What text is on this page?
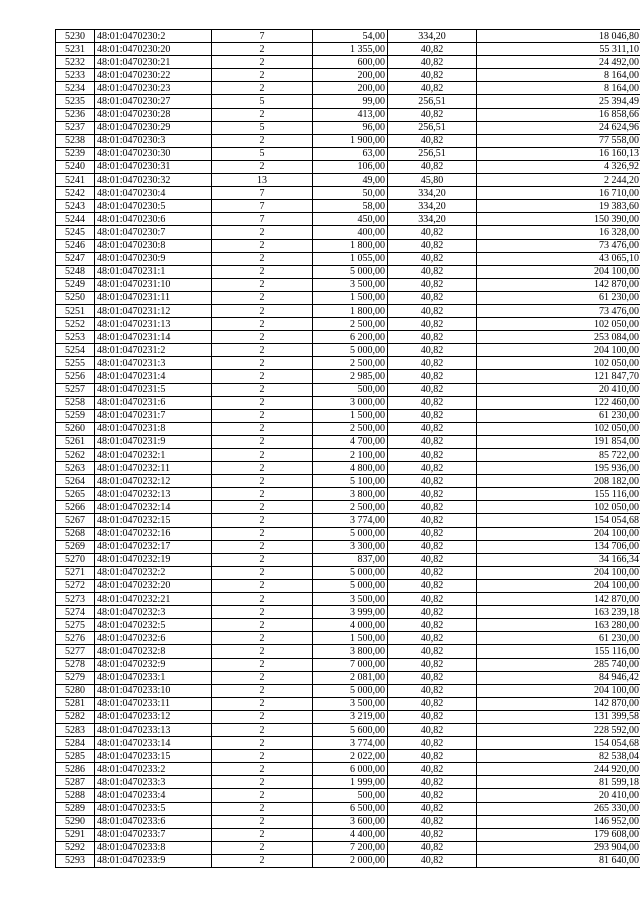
5230	48:01:0470230:2	7	54,00	334,20	18 046,80
5231	48:01:0470230:20	2	1 355,00	40,82	55 311,10
5232	48:01:0470230:21	2	600,00	40,82	24 492,00
5233	48:01:0470230:22	2	200,00	40,82	8 164,00
5234	48:01:0470230:23	2	200,00	40,82	8 164,00
5235	48:01:0470230:27	5	99,00	256,51	25 394,49
5236	48:01:0470230:28	2	413,00	40,82	16 858,66
5237	48:01:0470230:29	5	96,00	256,51	24 624,96
5238	48:01:0470230:3	2	1 900,00	40,82	77 558,00
5239	48:01:0470230:30	5	63,00	256,51	16 160,13
5240	48:01:0470230:31	2	106,00	40,82	4 326,92
5241	48:01:0470230:32	13	49,00	45,80	2 244,20
5242	48:01:0470230:4	7	50,00	334,20	16 710,00
5243	48:01:0470230:5	7	58,00	334,20	19 383,60
5244	48:01:0470230:6	7	450,00	334,20	150 390,00
5245	48:01:0470230:7	2	400,00	40,82	16 328,00
5246	48:01:0470230:8	2	1 800,00	40,82	73 476,00
5247	48:01:0470230:9	2	1 055,00	40,82	43 065,10
5248	48:01:0470231:1	2	5 000,00	40,82	204 100,00
5249	48:01:0470231:10	2	3 500,00	40,82	142 870,00
5250	48:01:0470231:11	2	1 500,00	40,82	61 230,00
5251	48:01:0470231:12	2	1 800,00	40,82	73 476,00
5252	48:01:0470231:13	2	2 500,00	40,82	102 050,00
5253	48:01:0470231:14	2	6 200,00	40,82	253 084,00
5254	48:01:0470231:2	2	5 000,00	40,82	204 100,00
5255	48:01:0470231:3	2	2 500,00	40,82	102 050,00
5256	48:01:0470231:4	2	2 985,00	40,82	121 847,70
5257	48:01:0470231:5	2	500,00	40,82	20 410,00
5258	48:01:0470231:6	2	3 000,00	40,82	122 460,00
5259	48:01:0470231:7	2	1 500,00	40,82	61 230,00
5260	48:01:0470231:8	2	2 500,00	40,82	102 050,00
5261	48:01:0470231:9	2	4 700,00	40,82	191 854,00
5262	48:01:0470232:1	2	2 100,00	40,82	85 722,00
5263	48:01:0470232:11	2	4 800,00	40,82	195 936,00
5264	48:01:0470232:12	2	5 100,00	40,82	208 182,00
5265	48:01:0470232:13	2	3 800,00	40,82	155 116,00
5266	48:01:0470232:14	2	2 500,00	40,82	102 050,00
5267	48:01:0470232:15	2	3 774,00	40,82	154 054,68
5268	48:01:0470232:16	2	5 000,00	40,82	204 100,00
5269	48:01:0470232:17	2	3 300,00	40,82	134 706,00
5270	48:01:0470232:19	2	837,00	40,82	34 166,34
5271	48:01:0470232:2	2	5 000,00	40,82	204 100,00
5272	48:01:0470232:20	2	5 000,00	40,82	204 100,00
5273	48:01:0470232:21	2	3 500,00	40,82	142 870,00
5274	48:01:0470232:3	2	3 999,00	40,82	163 239,18
5275	48:01:0470232:5	2	4 000,00	40,82	163 280,00
5276	48:01:0470232:6	2	1 500,00	40,82	61 230,00
5277	48:01:0470232:8	2	3 800,00	40,82	155 116,00
5278	48:01:0470232:9	2	7 000,00	40,82	285 740,00
5279	48:01:0470233:1	2	2 081,00	40,82	84 946,42
5280	48:01:0470233:10	2	5 000,00	40,82	204 100,00
5281	48:01:0470233:11	2	3 500,00	40,82	142 870,00
5282	48:01:0470233:12	2	3 219,00	40,82	131 399,58
5283	48:01:0470233:13	2	5 600,00	40,82	228 592,00
5284	48:01:0470233:14	2	3 774,00	40,82	154 054,68
5285	48:01:0470233:15	2	2 022,00	40,82	82 538,04
5286	48:01:0470233:2	2	6 000,00	40,82	244 920,00
5287	48:01:0470233:3	2	1 999,00	40,82	81 599,18
5288	48:01:0470233:4	2	500,00	40,82	20 410,00
5289	48:01:0470233:5	2	6 500,00	40,82	265 330,00
5290	48:01:0470233:6	2	3 600,00	40,82	146 952,00
5291	48:01:0470233:7	2	4 400,00	40,82	179 608,00
5292	48:01:0470233:8	2	7 200,00	40,82	293 904,00
5293	48:01:0470233:9	2	2 000,00	40,82	81 640,00
